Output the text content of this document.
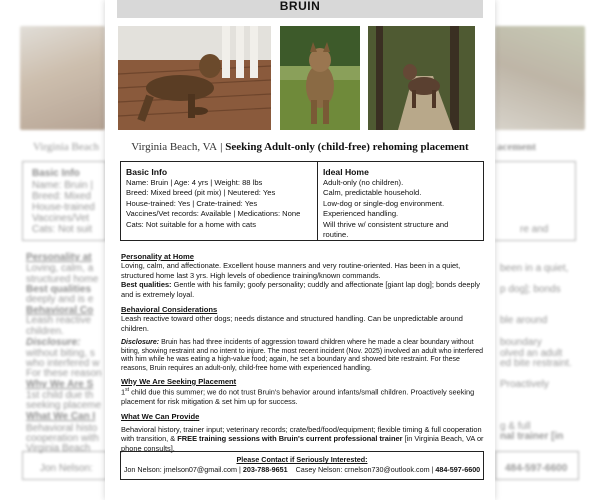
Virginia Beach	acement
Basic Info
Name: Bruin |
Breed: Mixed
House-trained
Vaccines/Vet
Cats: Not suit	re and
Personality at
Loving, calm, a
structured home
Best qualities
deeply and is e
Behavioral Co
Leash reactive
children.
Disclosure:
without biting, s
who interfered w
For these reason
Why We Are S
1st child due th
seeking placeme
What We Can I
Behavioral histo
cooperation with
Virginia Beach
been in a quiet,
p dog]; bonds
ble around
boundary
olved an adult
ed bite restraint.
Proactively
g & full
nal trainer [in
Jon Nelson:	484-597-6600
BRUIN
Virginia Beach, VA | Seeking Adult-only (child-free) rehoming placement
Basic Info
Name: Bruin | Age: 4 yrs | Weight: 88 lbs
Breed: Mixed breed (pit mix) | Neutered: Yes
House-trained: Yes | Crate-trained: Yes
Vaccines/Vet records: Available | Medications: None
Cats: Not suitable for a home with cats
Ideal Home
Adult-only (no children).
Calm, predictable household.
Low-dog or single-dog environment.
Experienced handling.
Will thrive w/ consistent structure and
routine.
Personality at Home
Loving, calm, and affectionate. Excellent house manners and very routine-oriented. Has been in a quiet, structured home last 3 yrs. High levels of obedience training/known commands.
Best qualities: Gentle with his family; goofy personality; cuddly and affectionate [giant lap dog]; bonds deeply and is extremely loyal.
Behavioral Considerations
Leash reactive toward other dogs; needs distance and structured handling. Can be unpredictable around children.
Disclosure: Bruin has had three incidents of aggression toward children where he made a clear boundary without biting, showing restraint and no intent to injure. The most recent incident (Nov. 2025) involved an adult who interfered with him while he was eating a high-value food; again, he set a boundary and showed bite restraint. For these reasons, Bruin requires an adult-only, child-free home with experienced handling.
Why We Are Seeking Placement
1st child due this summer; we do not trust Bruin's behavior around infants/small children. Proactively seeking placement for risk mitigation & set him up for success.
What We Can Provide
Behavioral history, trainer input; veterinary records; crate/bed/food/equipment; flexible timing & full cooperation with transition, & FREE training sessions with Bruin's current professional trainer [in Virginia Beach, VA or phone consults].
Please Contact if Seriously Interested:
Jon Nelson: jrnelson07@gmail.com | 203-788-9651 Casey Nelson: crnelson730@outlook.com | 484-597-6600
